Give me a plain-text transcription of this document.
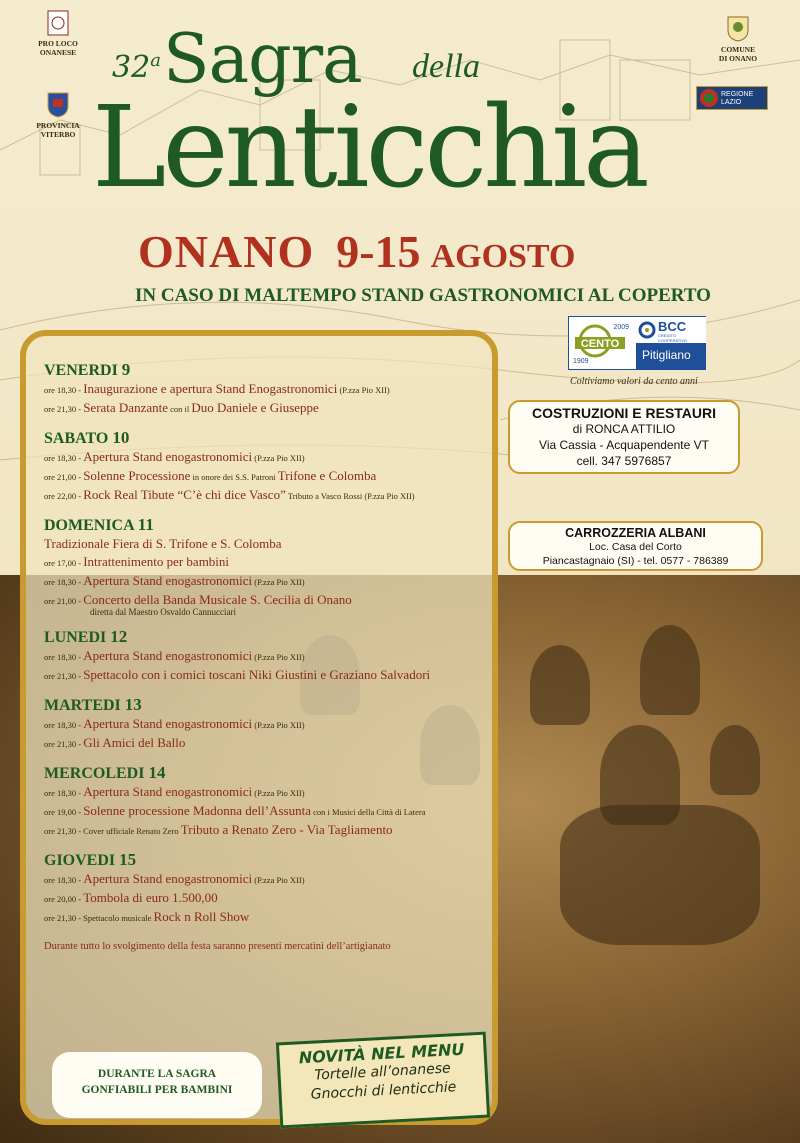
PRO LOCO
ONANESE
PROVINCIA
VITERBO
COMUNE
DI ONANO
REGIONE LAZIO
32$^a$ Sagra della
Lenticchia
ONANO 9-15 AGOSTO
IN CASO DI MALTEMPO STAND GASTRONOMICI AL COPERTO
VENERDI 9
ore 18,30 - Inaugurazione e apertura Stand Enogastronomici (P.zza Pio XII)
ore 21,30 - Serata Danzante con il Duo Daniele e Giuseppe
SABATO 10
ore 18,30 - Apertura Stand enogastronomici (P.zza Pio XII)
ore 21,00 - Solenne Processione in onore dei S.S. Patroni Trifone e Colomba
ore 22,00 - Rock Real Tibute “C’è chi dice Vasco” Tributo a Vasco Rossi (P.zza Pio XII)
DOMENICA 11
Tradizionale Fiera di S. Trifone e S. Colomba
ore 17,00 - Intrattenimento per bambini
ore 18,30 - Apertura Stand enogastronomici (P.zza Pio XII)
ore 21,00 - Concerto della Banda Musicale S. Cecilia di Onano
diretta dal Maestro Osvaldo Cannucciari
LUNEDI 12
ore 18,30 - Apertura Stand enogastronomici (P.zza Pio XII)
ore 21,30 - Spettacolo con i comici toscani Niki Giustini e Graziano Salvadori
MARTEDI 13
ore 18,30 - Apertura Stand enogastronomici (P.zza Pio XII)
ore 21,30 - Gli Amici del Ballo
MERCOLEDI 14
ore 18,30 - Apertura Stand enogastronomici (P.zza Pio XII)
ore 19,00 - Solenne processione Madonna dell’Assunta con i Musici della Città di Latera
ore 21,30 - Cover ufficiale Renato Zero Tributo a Renato Zero - Via Tagliamento
GIOVEDI 15
ore 18,30 - Apertura Stand enogastronomici (P.zza Pio XII)
ore 20,00 - Tombola di euro 1.500,00
ore 21,30 - Spettacolo musicale Rock n Roll Show
Durante tutto lo svolgimento della festa saranno presenti mercatini dell’artigianato
CENTO
2009
1909
BCC
CREDITO COOPERATIVO
Pitigliano
Coltiviamo valori da cento anni
COSTRUZIONI E RESTAURI
di RONCA ATTILIO
Via Cassia - Acquapendente VT
cell. 347 5976857
CARROZZERIA ALBANI
Loc. Casa del Corto
Piancastagnaio (SI) - tel. 0577 - 786389
DURANTE LA SAGRA
GONFIABILI PER BAMBINI
NOVITÀ NEL MENU
Tortelle all’onanese
Gnocchi di lenticchie
